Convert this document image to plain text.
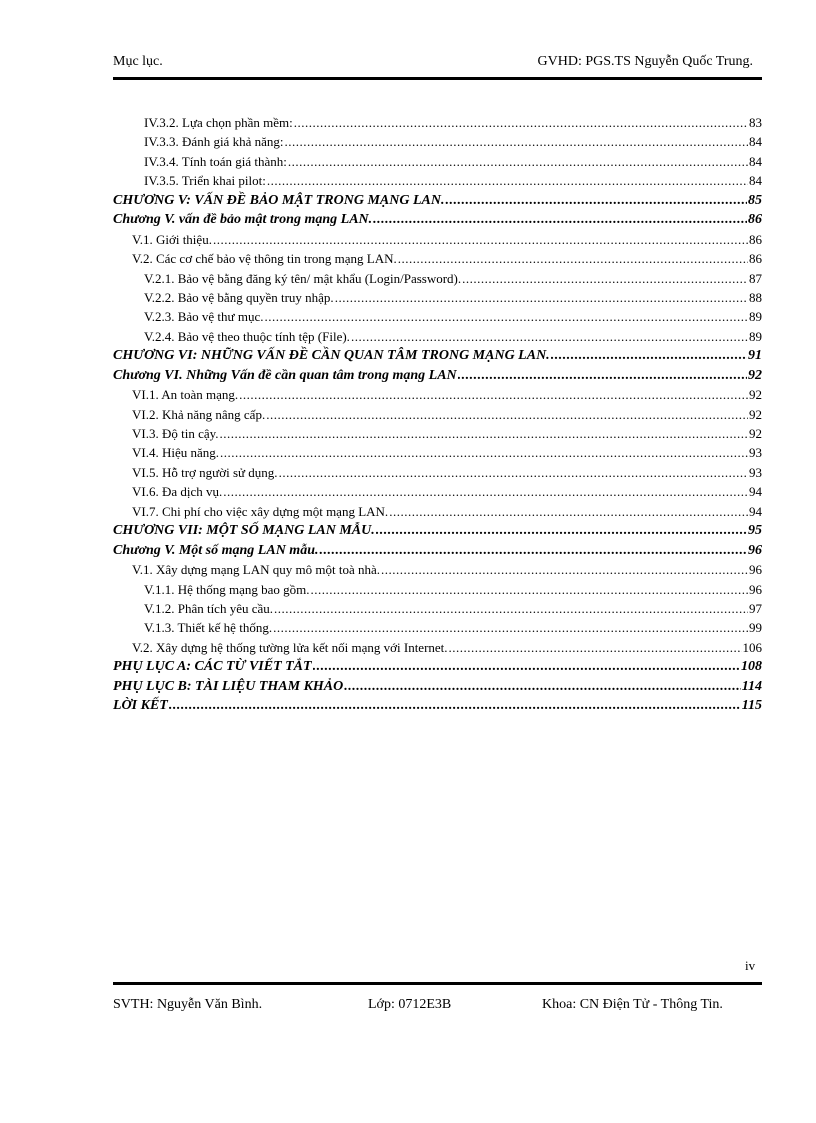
Mục lục.	GVHD: PGS.TS Nguyễn Quốc Trung.
IV.3.2. Lựa chọn phần mềm: .....	83
IV.3.3. Đánh giá khả năng: .....	84
IV.3.4. Tính toán giá thành: .....	84
IV.3.5. Triển khai pilot: .....	84
CHƯƠNG V: VẤN ĐỀ BẢO MẬT TRONG MẠNG LAN. .....	85
Chương V. vấn đề bảo mật trong mạng LAN. .....	86
V.1. Giới thiệu. .....	86
V.2. Các cơ chế bảo vệ thông tin trong mạng LAN. .....	86
V.2.1. Bảo vệ bằng đăng ký tên/ mật khẩu (Login/Password). .....	87
V.2.2. Bảo vệ bằng quyền truy nhập. .....	88
V.2.3. Bảo vệ thư mục. .....	89
V.2.4. Bảo vệ theo thuộc tính tệp (File). .....	89
CHƯƠNG VI: NHỮNG VẤN ĐỀ CẦN QUAN TÂM TRONG MẠNG LAN. .....	91
Chương VI. Những Vấn đề cần quan tâm trong mạng LAN .....	92
VI.1. An toàn mạng. .....	92
VI.2. Khả năng nâng cấp. .....	92
VI.3. Độ tin cậy. .....	92
VI.4. Hiệu năng. .....	93
VI.5. Hỗ trợ người sử dụng. .....	93
VI.6. Đa dịch vụ. .....	94
VI.7. Chi phí cho việc xây dựng một mạng LAN. .....	94
CHƯƠNG VII: MỘT SỐ MẠNG LAN MẪU. .....	95
Chương V. Một số mạng LAN mẫu. .....	96
V.1. Xây dựng mạng LAN quy mô một toà nhà. .....	96
V.1.1. Hệ thống mạng bao gồm. .....	96
V.1.2. Phân tích yêu cầu. .....	97
V.1.3. Thiết kế hệ thống. .....	99
V.2. Xây dựng hệ thống tường lửa kết nối mạng với Internet. .....	106
PHỤ LỤC A: CÁC TỪ VIẾT TẮT .....	108
PHỤ LỤC B: TÀI LIỆU THAM KHẢO .....	114
LỜI KẾT .....	115
iv
SVTH: Nguyễn Văn Bình.	Lớp: 0712E3B	Khoa: CN Điện Tử - Thông Tin.
